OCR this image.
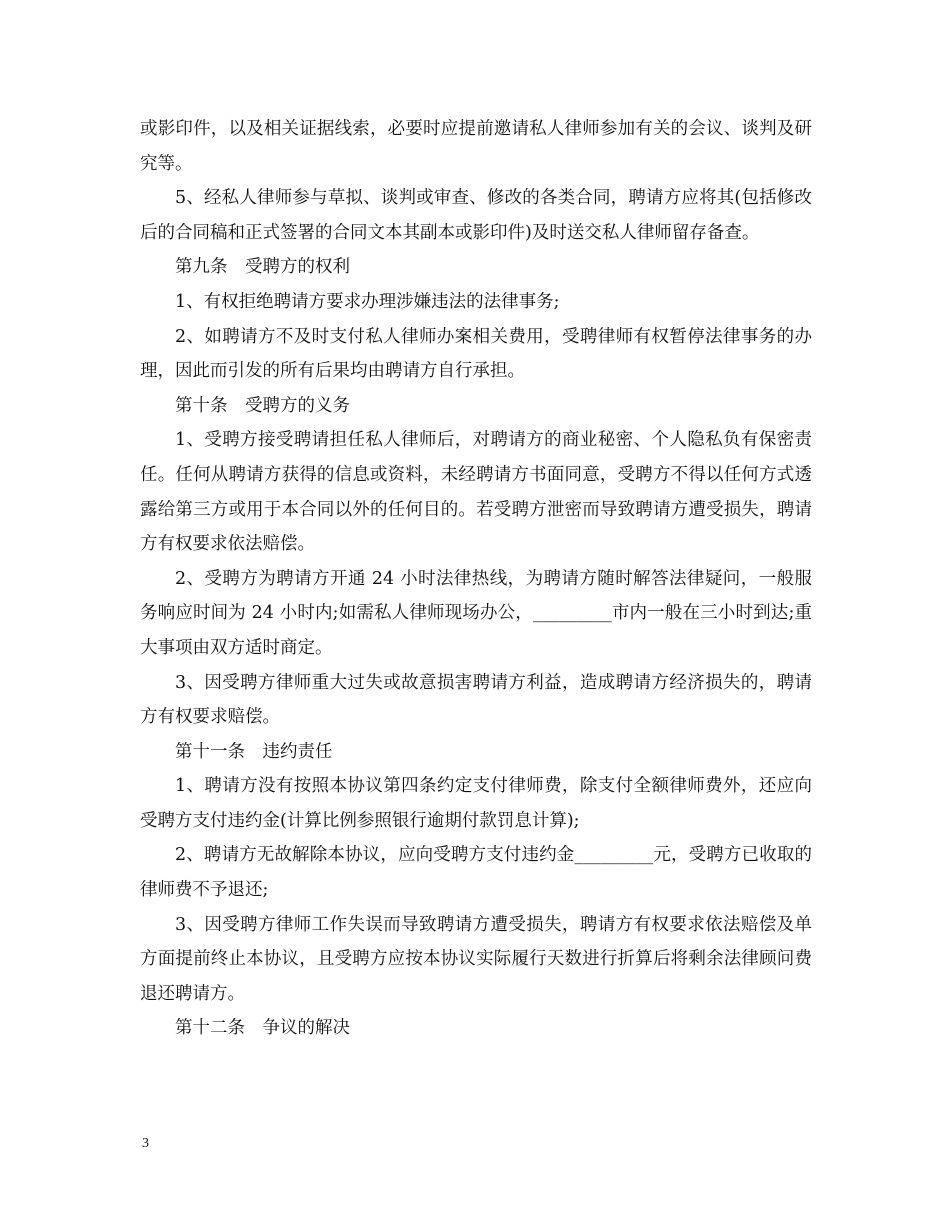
或影印件，以及相关证据线索，必要时应提前邀请私人律师参加有关的会议、谈判及研究等。

5、经私人律师参与草拟、谈判或审查、修改的各类合同，聘请方应将其(包括修改后的合同稿和正式签署的合同文本其副本或影印件)及时送交私人律师留存备查。

第九条　受聘方的权利

1、有权拒绝聘请方要求办理涉嫌违法的法律事务;

2、如聘请方不及时支付私人律师办案相关费用，受聘律师有权暂停法律事务的办理，因此而引发的所有后果均由聘请方自行承担。

第十条　受聘方的义务

1、受聘方接受聘请担任私人律师后，对聘请方的商业秘密、个人隐私负有保密责任。任何从聘请方获得的信息或资料，未经聘请方书面同意，受聘方不得以任何方式透露给第三方或用于本合同以外的任何目的。若受聘方泄密而导致聘请方遭受损失，聘请方有权要求依法赔偿。

2、受聘方为聘请方开通 24 小时法律热线，为聘请方随时解答法律疑问，一般服务响应时间为 24 小时内;如需私人律师现场办公，_________市内一般在三小时到达;重大事项由双方适时商定。

3、因受聘方律师重大过失或故意损害聘请方利益，造成聘请方经济损失的，聘请方有权要求赔偿。

第十一条　违约责任

1、聘请方没有按照本协议第四条约定支付律师费，除支付全额律师费外，还应向受聘方支付违约金(计算比例参照银行逾期付款罚息计算);

2、聘请方无故解除本协议，应向受聘方支付违约金_________元，受聘方已收取的律师费不予退还;

3、因受聘方律师工作失误而导致聘请方遭受损失，聘请方有权要求依法赔偿及单方面提前终止本协议，且受聘方应按本协议实际履行天数进行折算后将剩余法律顾问费退还聘请方。

第十二条　争议的解决

3
